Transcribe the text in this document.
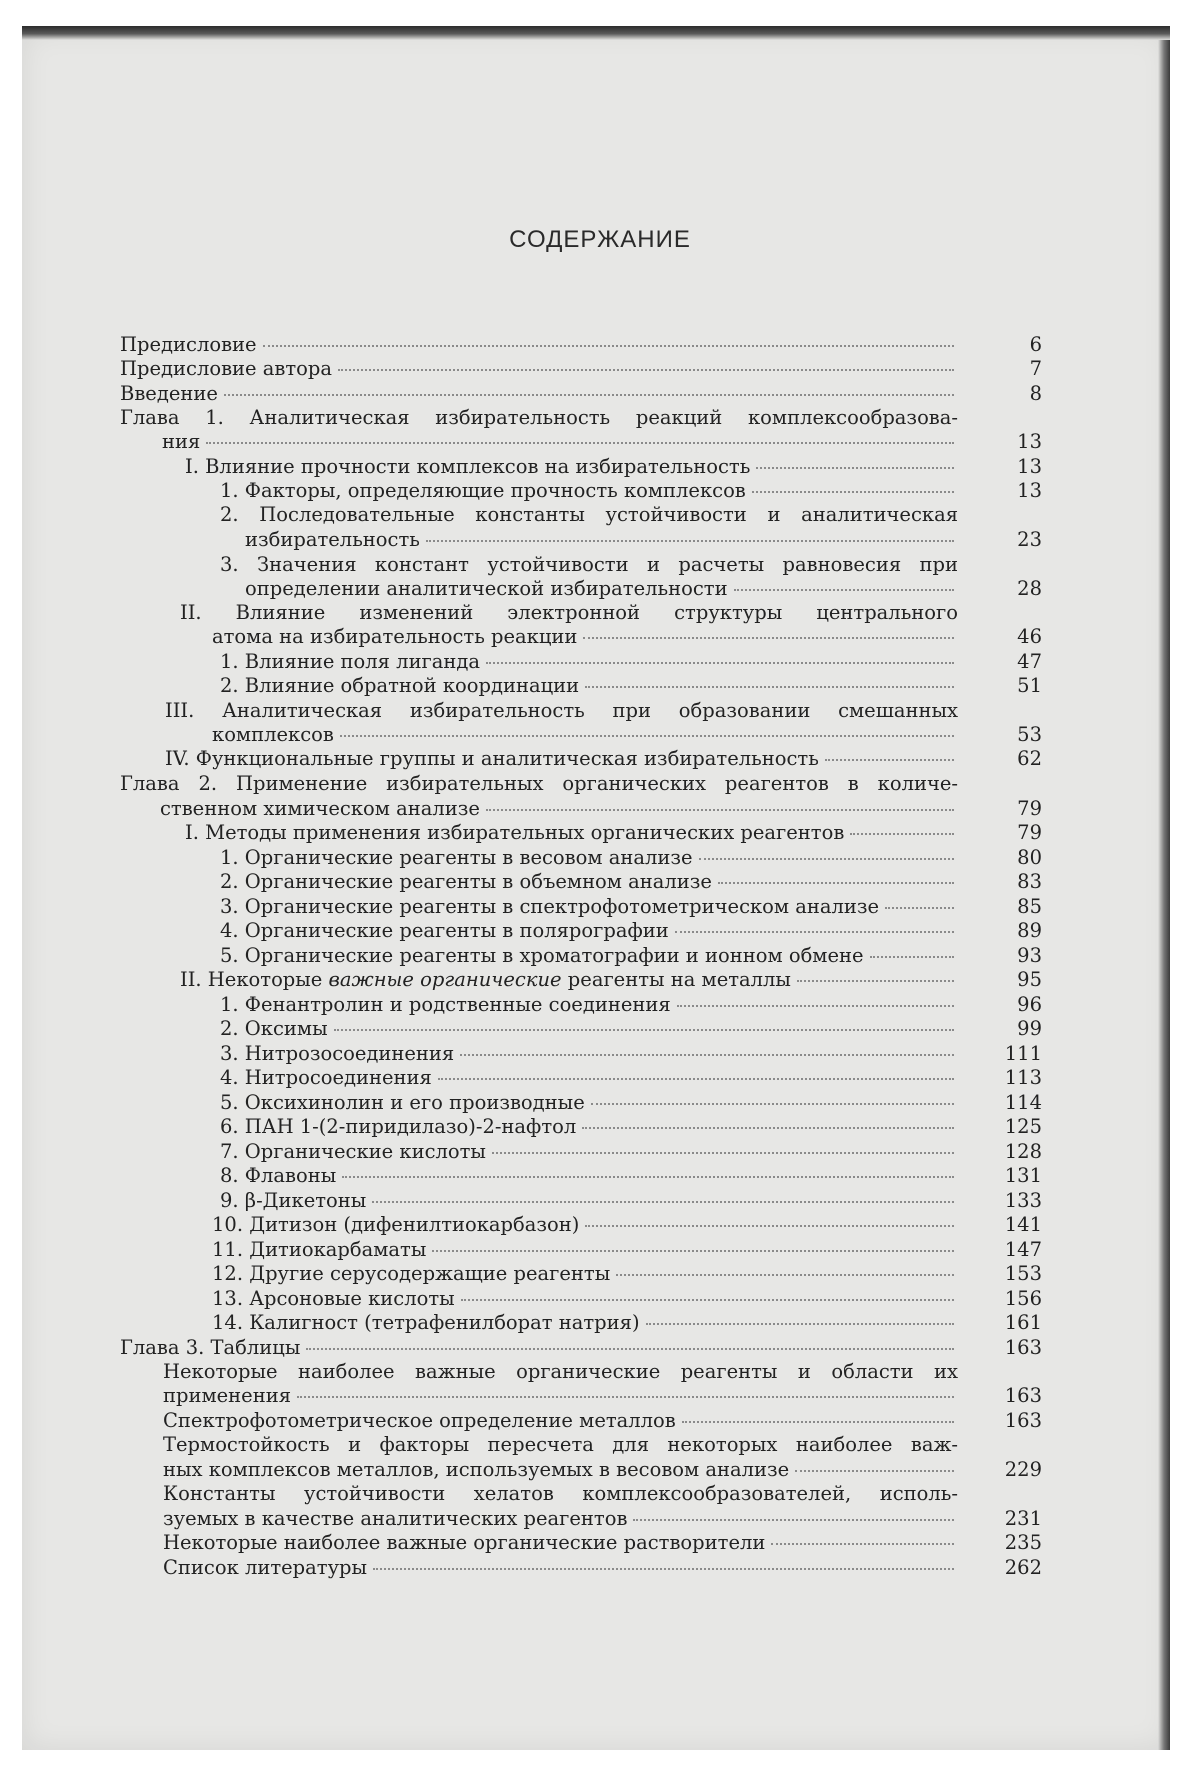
СОДЕРЖАНИЕ
Предисловие	6
Предисловие автора	7
Введение	8
Глава 1. Аналитическая избирательность реакций комплексообразова-
ния	13
I. Влияние прочности комплексов на избирательность	13
1. Факторы, определяющие прочность комплексов	13
2. Последовательные константы устойчивости и аналитическая
избирательность	23
3. Значения констант устойчивости и расчеты равновесия при
определении аналитической избирательности	28
II. Влияние изменений электронной структуры центрального
атома на избирательность реакции	46
1. Влияние поля лиганда	47
2. Влияние обратной координации	51
III. Аналитическая избирательность при образовании смешанных
комплексов	53
IV. Функциональные группы и аналитическая избирательность	62
Глава 2. Применение избирательных органических реагентов в количе-
ственном химическом анализе	79
I. Методы применения избирательных органических реагентов	79
1. Органические реагенты в весовом анализе	80
2. Органические реагенты в объемном анализе	83
3. Органические реагенты в спектрофотометрическом анализе	85
4. Органические реагенты в полярографии	89
5. Органические реагенты в хроматографии и ионном обмене	93
II. Некоторые важные органические реагенты на металлы	95
1. Фенантролин и родственные соединения	96
2. Оксимы	99
3. Нитрозосоединения	111
4. Нитросоединения	113
5. Оксихинолин и его производные	114
6. ПАН 1-(2-пиридилазо)-2-нафтол	125
7. Органические кислоты	128
8. Флавоны	131
9. β-Дикетоны	133
10. Дитизон (дифенилтиокарбазон)	141
11. Дитиокарбаматы	147
12. Другие серусодержащие реагенты	153
13. Арсоновые кислоты	156
14. Калигност (тетрафенилборат натрия)	161
Глава 3. Таблицы	163
Некоторые наиболее важные органические реагенты и области их
применения	163
Спектрофотометрическое определение металлов	163
Термостойкость и факторы пересчета для некоторых наиболее важ-
ных комплексов металлов, используемых в весовом анализе	229
Константы устойчивости хелатов комплексообразователей, исполь-
зуемых в качестве аналитических реагентов	231
Некоторые наиболее важные органические растворители	235
Список литературы	262
